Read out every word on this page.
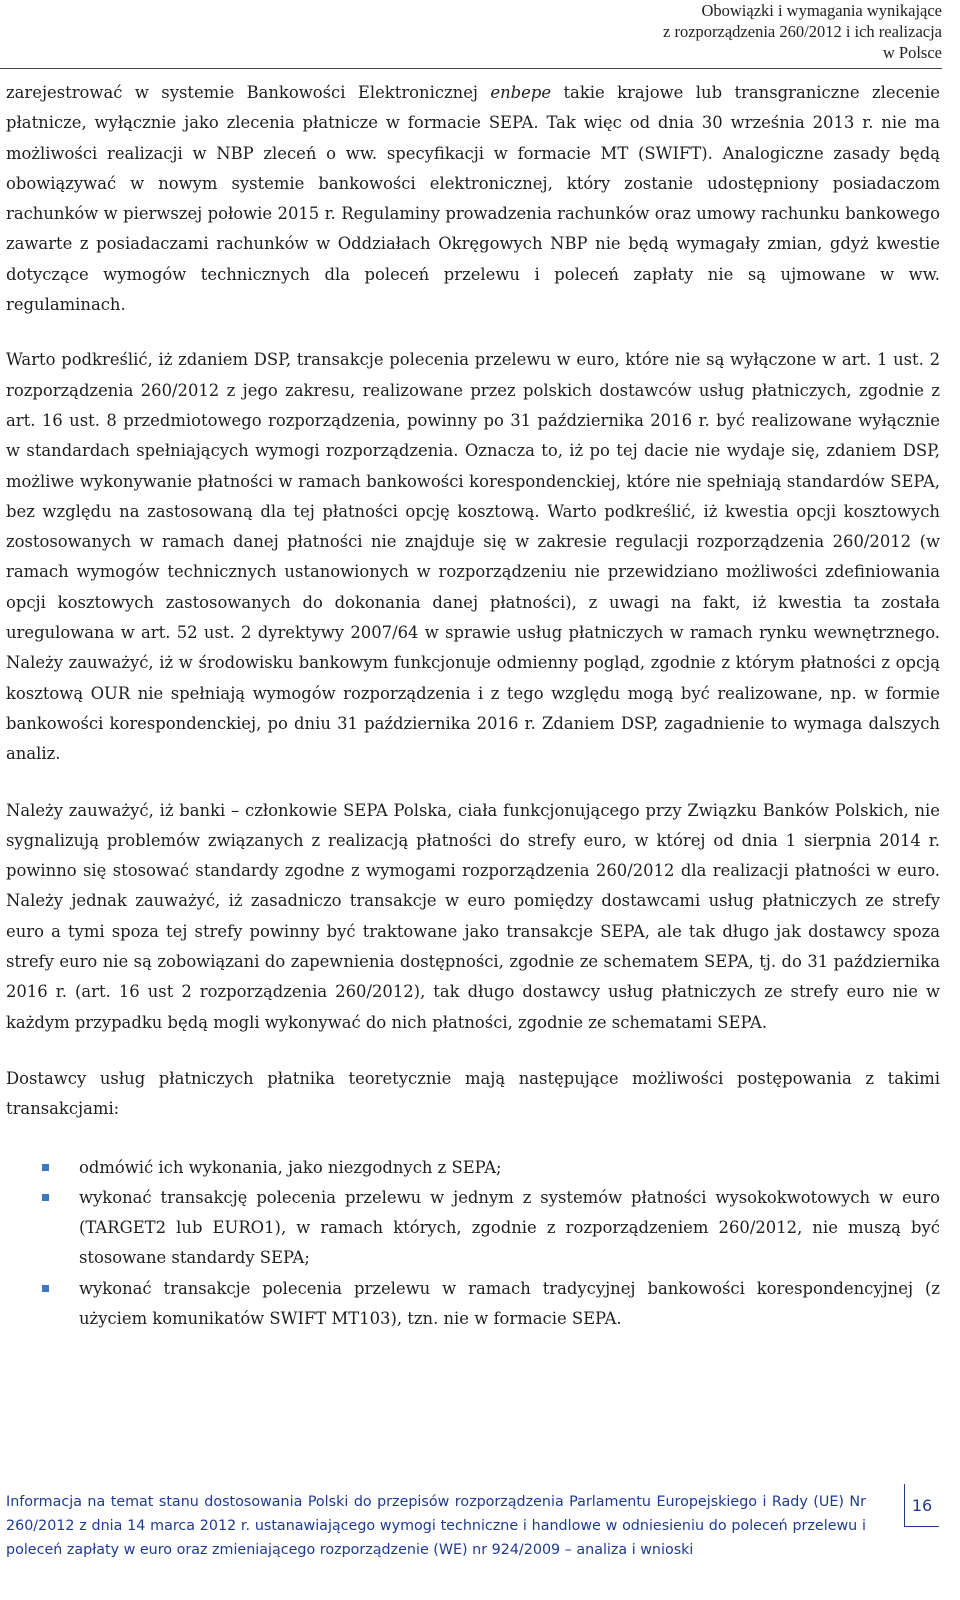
Obowiązki i wymagania wynikające
z rozporządzenia 260/2012 i ich realizacja
w Polsce

zarejestrować w systemie Bankowości Elektronicznej enbepe takie krajowe lub transgraniczne zlecenie płatnicze, wyłącznie jako zlecenia płatnicze w formacie SEPA. Tak więc od dnia 30 września 2013 r. nie ma możliwości realizacji w NBP zleceń o ww. specyfikacji w formacie MT (SWIFT). Analogiczne zasady będą obowiązywać w nowym systemie bankowości elektronicznej, który zostanie udostępniony posiadaczom rachunków w pierwszej połowie 2015 r. Regulaminy prowadzenia rachunków oraz umowy rachunku bankowego zawarte z posiadaczami rachunków w Oddziałach Okręgowych NBP nie będą wymagały zmian, gdyż kwestie dotyczące wymogów technicznych dla poleceń przelewu i poleceń zapłaty nie są ujmowane w ww. regulaminach.

Warto podkreślić, iż zdaniem DSP, transakcje polecenia przelewu w euro, które nie są wyłączone w art. 1 ust. 2 rozporządzenia 260/2012 z jego zakresu, realizowane przez polskich dostawców usług płatniczych, zgodnie z art. 16 ust. 8 przedmiotowego rozporządzenia, powinny po 31 października 2016 r. być realizowane wyłącznie w standardach spełniających wymogi rozporządzenia. Oznacza to, iż po tej dacie nie wydaje się, zdaniem DSP, możliwe wykonywanie płatności w ramach bankowości korespondenckiej, które nie spełniają standardów SEPA, bez względu na zastosowaną dla tej płatności opcję kosztową. Warto podkreślić, iż kwestia opcji kosztowych zostosowanych w ramach danej płatności nie znajduje się w zakresie regulacji rozporządzenia 260/2012 (w ramach wymogów technicznych ustanowionych w rozporządzeniu nie przewidziano możliwości zdefiniowania opcji kosztowych zastosowanych do dokonania danej płatności), z uwagi na fakt, iż kwestia ta została uregulowana w art. 52 ust. 2 dyrektywy 2007/64 w sprawie usług płatniczych w ramach rynku wewnętrznego. Należy zauważyć, iż w środowisku bankowym funkcjonuje odmienny pogląd, zgodnie z którym płatności z opcją kosztową OUR nie spełniają wymogów rozporządzenia i z tego względu mogą być realizowane, np. w formie bankowości korespondenckiej, po dniu 31 października 2016 r. Zdaniem DSP, zagadnienie to wymaga dalszych analiz.

Należy zauważyć, iż banki – członkowie SEPA Polska, ciała funkcjonującego przy Związku Banków Polskich, nie sygnalizują problemów związanych z realizacją płatności do strefy euro, w której od dnia 1 sierpnia 2014 r. powinno się stosować standardy zgodne z wymogami rozporządzenia 260/2012 dla realizacji płatności w euro. Należy jednak zauważyć, iż zasadniczo transakcje w euro pomiędzy dostawcami usług płatniczych ze strefy euro a tymi spoza tej strefy powinny być traktowane jako transakcje SEPA, ale tak długo jak dostawcy spoza strefy euro nie są zobowiązani do zapewnienia dostępności, zgodnie ze schematem SEPA, tj. do 31 października 2016 r. (art. 16 ust 2 rozporządzenia 260/2012), tak długo dostawcy usług płatniczych ze strefy euro nie w każdym przypadku będą mogli wykonywać do nich płatności, zgodnie ze schematami SEPA.

Dostawcy usług płatniczych płatnika teoretycznie mają następujące możliwości postępowania z takimi transakcjami:

odmówić ich wykonania, jako niezgodnych z SEPA;
wykonać transakcję polecenia przelewu w jednym z systemów płatności wysokokwotowych w euro (TARGET2 lub EURO1), w ramach których, zgodnie z rozporządzeniem 260/2012, nie muszą być stosowane standardy SEPA;
wykonać transakcje polecenia przelewu w ramach tradycyjnej bankowości korespondencyjnej (z użyciem komunikatów SWIFT MT103), tzn. nie w formacie SEPA.

Informacja na temat stanu dostosowania Polski do przepisów rozporządzenia Parlamentu Europejskiego i Rady (UE) Nr 260/2012 z dnia 14 marca 2012 r. ustanawiającego wymogi techniczne i handlowe w odniesieniu do poleceń przelewu i poleceń zapłaty w euro oraz zmieniającego rozporządzenie (WE) nr 924/2009 – analiza i wnioski

16
